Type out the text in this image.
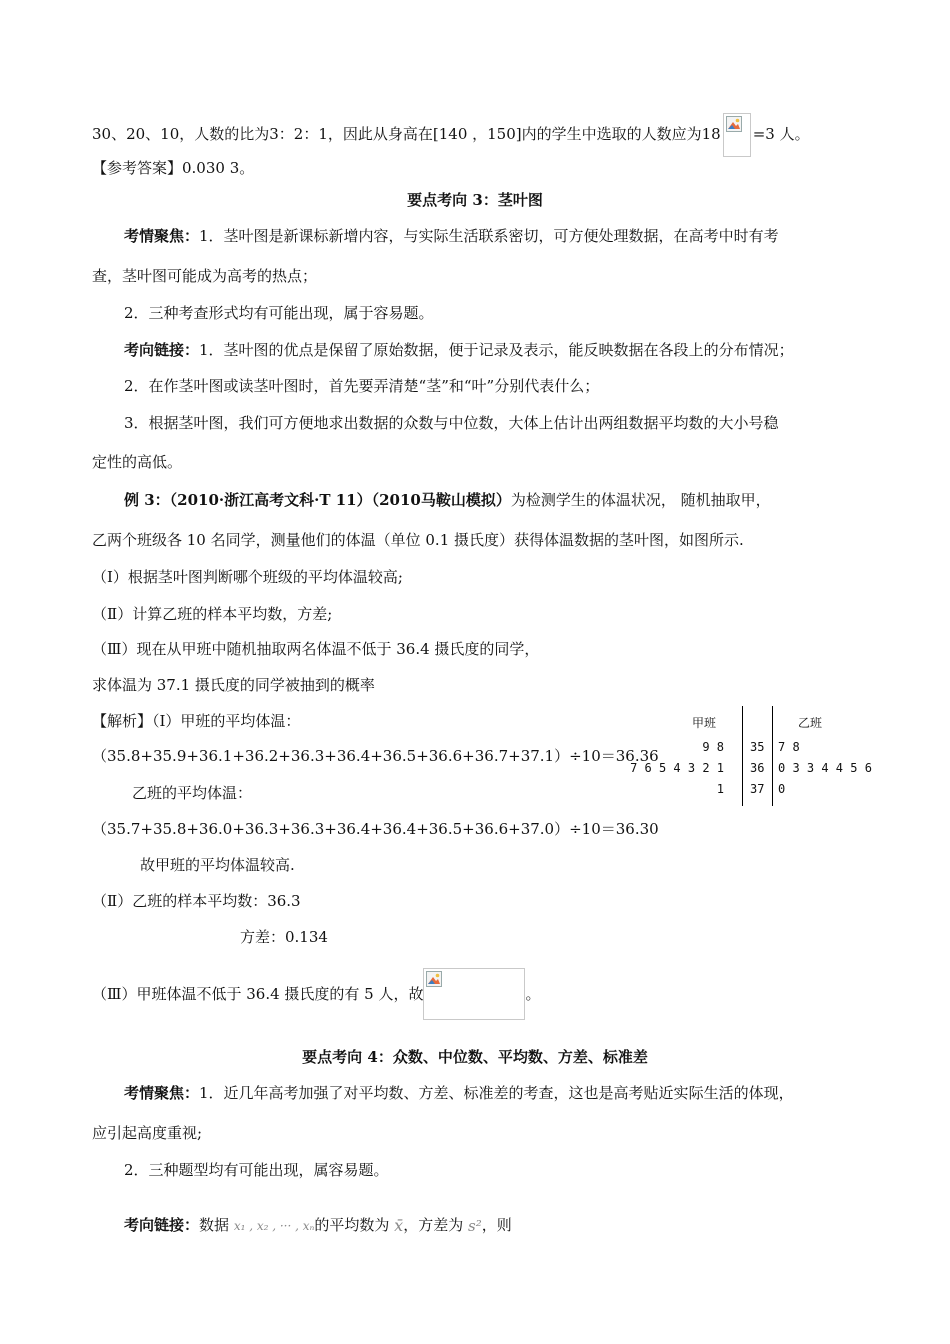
30、20、10，人数的比为3：2：1，因此从身高在[140 ，150]内的学生中选取的人数应为18 =3 人。
【参考答案】0.030 3。
要点考向 3：茎叶图
考情聚焦：1．茎叶图是新课标新增内容，与实际生活联系密切，可方便处理数据，在高考中时有考
查，茎叶图可能成为高考的热点；
2．三种考查形式均有可能出现，属于容易题。
考向链接：1．茎叶图的优点是保留了原始数据，便于记录及表示，能反映数据在各段上的分布情况；
2．在作茎叶图或读茎叶图时，首先要弄清楚“茎”和“叶”分别代表什么；
3．根据茎叶图，我们可方便地求出数据的众数与中位数，大体上估计出两组数据平均数的大小号稳
定性的高低。
例 3：（2010·浙江高考文科·T 11）（2010马鞍山模拟）为检测学生的体温状况， 随机抽取甲，
乙两个班级各 10 名同学，测量他们的体温（单位 0.1 摄氏度）获得体温数据的茎叶图，如图所示.
（Ⅰ）根据茎叶图判断哪个班级的平均体温较高;
（Ⅱ）计算乙班的样本平均数，方差;
（Ⅲ）现在从甲班中随机抽取两名体温不低于 36.4 摄氏度的同学，
求体温为 37.1 摄氏度的同学被抽到的概率
【解析】（Ⅰ）甲班的平均体温：
（35.8+35.9+36.1+36.2+36.3+36.4+36.5+36.6+36.7+37.1）÷10＝36.36
乙班的平均体温：
（35.7+35.8+36.0+36.3+36.3+36.4+36.4+36.5+36.6+37.0）÷10＝36.30
故甲班的平均体温较高.
（Ⅱ）乙班的样本平均数：36.3
方差：0.134
（Ⅲ）甲班体温不低于 36.4 摄氏度的有 5 人，故	。
要点考向 4：众数、中位数、平均数、方差、标准差
考情聚焦：1．近几年高考加强了对平均数、方差、标准差的考查，这也是高考贴近实际生活的体现，
应引起高度重视;
2．三种题型均有可能出现，属容易题。
考向链接：数据 x₁ , x₂ , ··· , xₙ的平均数为 x̄，方差为 s²，则
甲班	乙班
9 8 35 7 8
7 6 5 4 3 2 1 36 0 3 3 4 4 5 6
1 37 0
